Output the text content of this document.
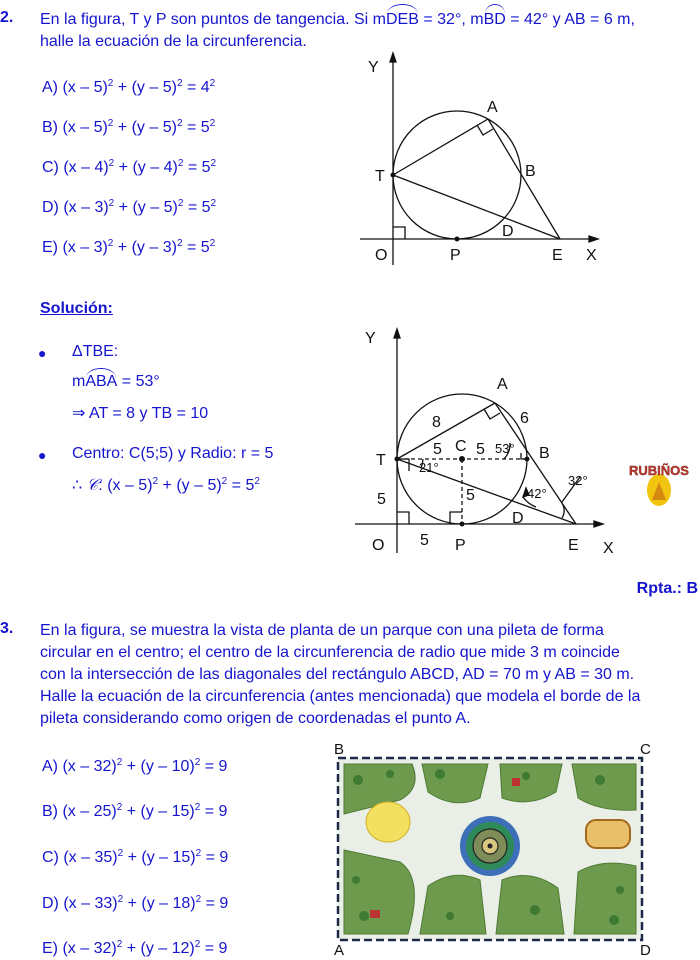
2. En la figura, T y P son puntos de tangencia. Si mDEB = 32°, mBD = 42° y AB = 6 m,
halle la ecuación de la circunferencia.
A) $(x - 5)^2 + (y - 5)^2 = 4^2$
B) $(x - 5)^2 + (y - 5)^2 = 5^2$
C) $(x - 4)^2 + (y - 4)^2 = 5^2$
D) $(x - 3)^2 + (y - 5)^2 = 5^2$
E) $(x - 3)^2 + (y - 3)^2 = 5^2$
Y
X
O
T
A
B
D
E
P
Solución:
● ΔTBE:
mABA = 53°
⇒ AT = 8 y TB = 10
● Centro: C(5;5) y Radio: r = 5
∴ 𝒞: $(x - 5)^2 + (y - 5)^2 = 5^2$
Y
X
O
T
A
B
C
D
E
P
8	6
5 5
5
5
5
21°
53°
42°
32°
RUBIÑOS
Rpta.: B
3. En la figura, se muestra la vista de planta de un parque con una pileta de forma
circular en el centro; el centro de la circunferencia de radio que mide 3 m coincide
con la intersección de las diagonales del rectángulo ABCD, AD = 70 m y AB = 30 m.
Halle la ecuación de la circunferencia (antes mencionada) que modela el borde de la
pileta considerando como origen de coordenadas el punto A.
A) (x – 32)$^2$ + (y – 10)$^2$ = 9
B) (x – 25)$^2$ + (y – 15)$^2$ = 9
C) (x – 35)$^2$ + (y – 15)$^2$ = 9
D) (x – 33)$^2$ + (y – 18)$^2$ = 9
E) (x – 32)$^2$ + (y – 12)$^2$ = 9
B	C
A	D
